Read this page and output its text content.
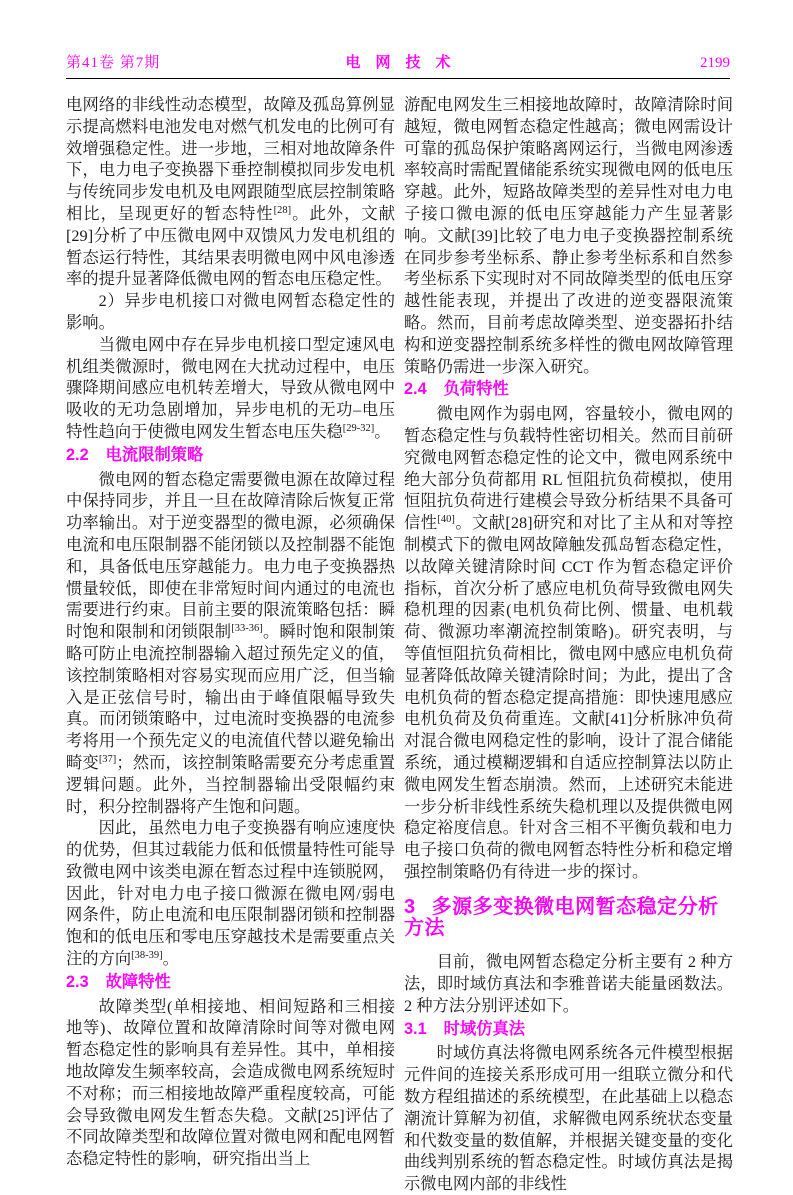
第41卷 第7期	电　网　技　术	2199

电网络的非线性动态模型，故障及孤岛算例显示提高燃料电池发电对燃气机发电的比例可有效增强稳定性。进一步地，三相对地故障条件下，电力电子变换器下垂控制模拟同步发电机与传统同步发电机及电网跟随型底层控制策略相比，呈现更好的暂态特性[28]。此外，文献[29]分析了中压微电网中双馈风力发电机组的暂态运行特性，其结果表明微电网中风电渗透率的提升显著降低微电网的暂态电压稳定性。

2）异步电机接口对微电网暂态稳定性的影响。

当微电网中存在异步电机接口型定速风电机组类微源时，微电网在大扰动过程中，电压骤降期间感应电机转差增大，导致从微电网中吸收的无功急剧增加，异步电机的无功–电压特性趋向于使微电网发生暂态电压失稳[29-32]。

2.2 电流限制策略

微电网的暂态稳定需要微电源在故障过程中保持同步，并且一旦在故障清除后恢复正常功率输出。对于逆变器型的微电源，必须确保电流和电压限制器不能闭锁以及控制器不能饱和，具备低电压穿越能力。电力电子变换器热惯量较低，即使在非常短时间内通过的电流也需要进行约束。目前主要的限流策略包括：瞬时饱和限制和闭锁限制[33-36]。瞬时饱和限制策略可防止电流控制器输入超过预先定义的值，该控制策略相对容易实现而应用广泛，但当输入是正弦信号时，输出由于峰值限幅导致失真。而闭锁策略中，过电流时变换器的电流参考将用一个预先定义的电流值代替以避免输出畸变[37]；然而，该控制策略需要充分考虑重置逻辑问题。此外，当控制器输出受限幅约束时，积分控制器将产生饱和问题。

因此，虽然电力电子变换器有响应速度快的优势，但其过载能力低和低惯量特性可能导致微电网中该类电源在暂态过程中连锁脱网，因此，针对电力电子接口微源在微电网/弱电网条件，防止电流和电压限制器闭锁和控制器饱和的低电压和零电压穿越技术是需要重点关注的方向[38-39]。

2.3 故障特性

故障类型(单相接地、相间短路和三相接地等)、故障位置和故障清除时间等对微电网暂态稳定性的影响具有差异性。其中，单相接地故障发生频率较高，会造成微电网系统短时不对称；而三相接地故障严重程度较高，可能会导致微电网发生暂态失稳。文献[25]评估了不同故障类型和故障位置对微电网和配电网暂态稳定特性的影响，研究指出当上

游配电网发生三相接地故障时，故障清除时间越短，微电网暂态稳定性越高；微电网需设计可靠的孤岛保护策略离网运行，当微电网渗透率较高时需配置储能系统实现微电网的低电压穿越。此外，短路故障类型的差异性对电力电子接口微电源的低电压穿越能力产生显著影响。文献[39]比较了电力电子变换器控制系统在同步参考坐标系、静止参考坐标系和自然参考坐标系下实现时对不同故障类型的低电压穿越性能表现，并提出了改进的逆变器限流策略。然而，目前考虑故障类型、逆变器拓扑结构和逆变器控制系统多样性的微电网故障管理策略仍需进一步深入研究。

2.4 负荷特性

微电网作为弱电网，容量较小，微电网的暂态稳定性与负载特性密切相关。然而目前研究微电网暂态稳定性的论文中，微电网系统中绝大部分负荷都用 RL 恒阻抗负荷模拟，使用恒阻抗负荷进行建模会导致分析结果不具备可信性[40]。文献[28]研究和对比了主从和对等控制模式下的微电网故障触发孤岛暂态稳定性，以故障关键清除时间 CCT 作为暂态稳定评价指标，首次分析了感应电机负荷导致微电网失稳机理的因素(电机负荷比例、惯量、电机载荷、微源功率潮流控制策略)。研究表明，与等值恒阻抗负荷相比，微电网中感应电机负荷显著降低故障关键清除时间；为此，提出了含电机负荷的暂态稳定提高措施：即快速甩感应电机负荷及负荷重连。文献[41]分析脉冲负荷对混合微电网稳定性的影响，设计了混合储能系统，通过模糊逻辑和自适应控制算法以防止微电网发生暂态崩溃。然而，上述研究未能进一步分析非线性系统失稳机理以及提供微电网稳定裕度信息。针对含三相不平衡负载和电力电子接口负荷的微电网暂态特性分析和稳定增强控制策略仍有待进一步的探讨。

3 多源多变换微电网暂态稳定分析方法

目前，微电网暂态稳定分析主要有 2 种方法，即时域仿真法和李雅普诺夫能量函数法。2 种方法分别评述如下。

3.1 时域仿真法

时域仿真法将微电网系统各元件模型根据元件间的连接关系形成可用一组联立微分和代数方程组描述的系统模型，在此基础上以稳态潮流计算解为初值，求解微电网系统状态变量和代数变量的数值解，并根据关键变量的变化曲线判别系统的暂态稳定性。时域仿真法是揭示微电网内部的非线性
